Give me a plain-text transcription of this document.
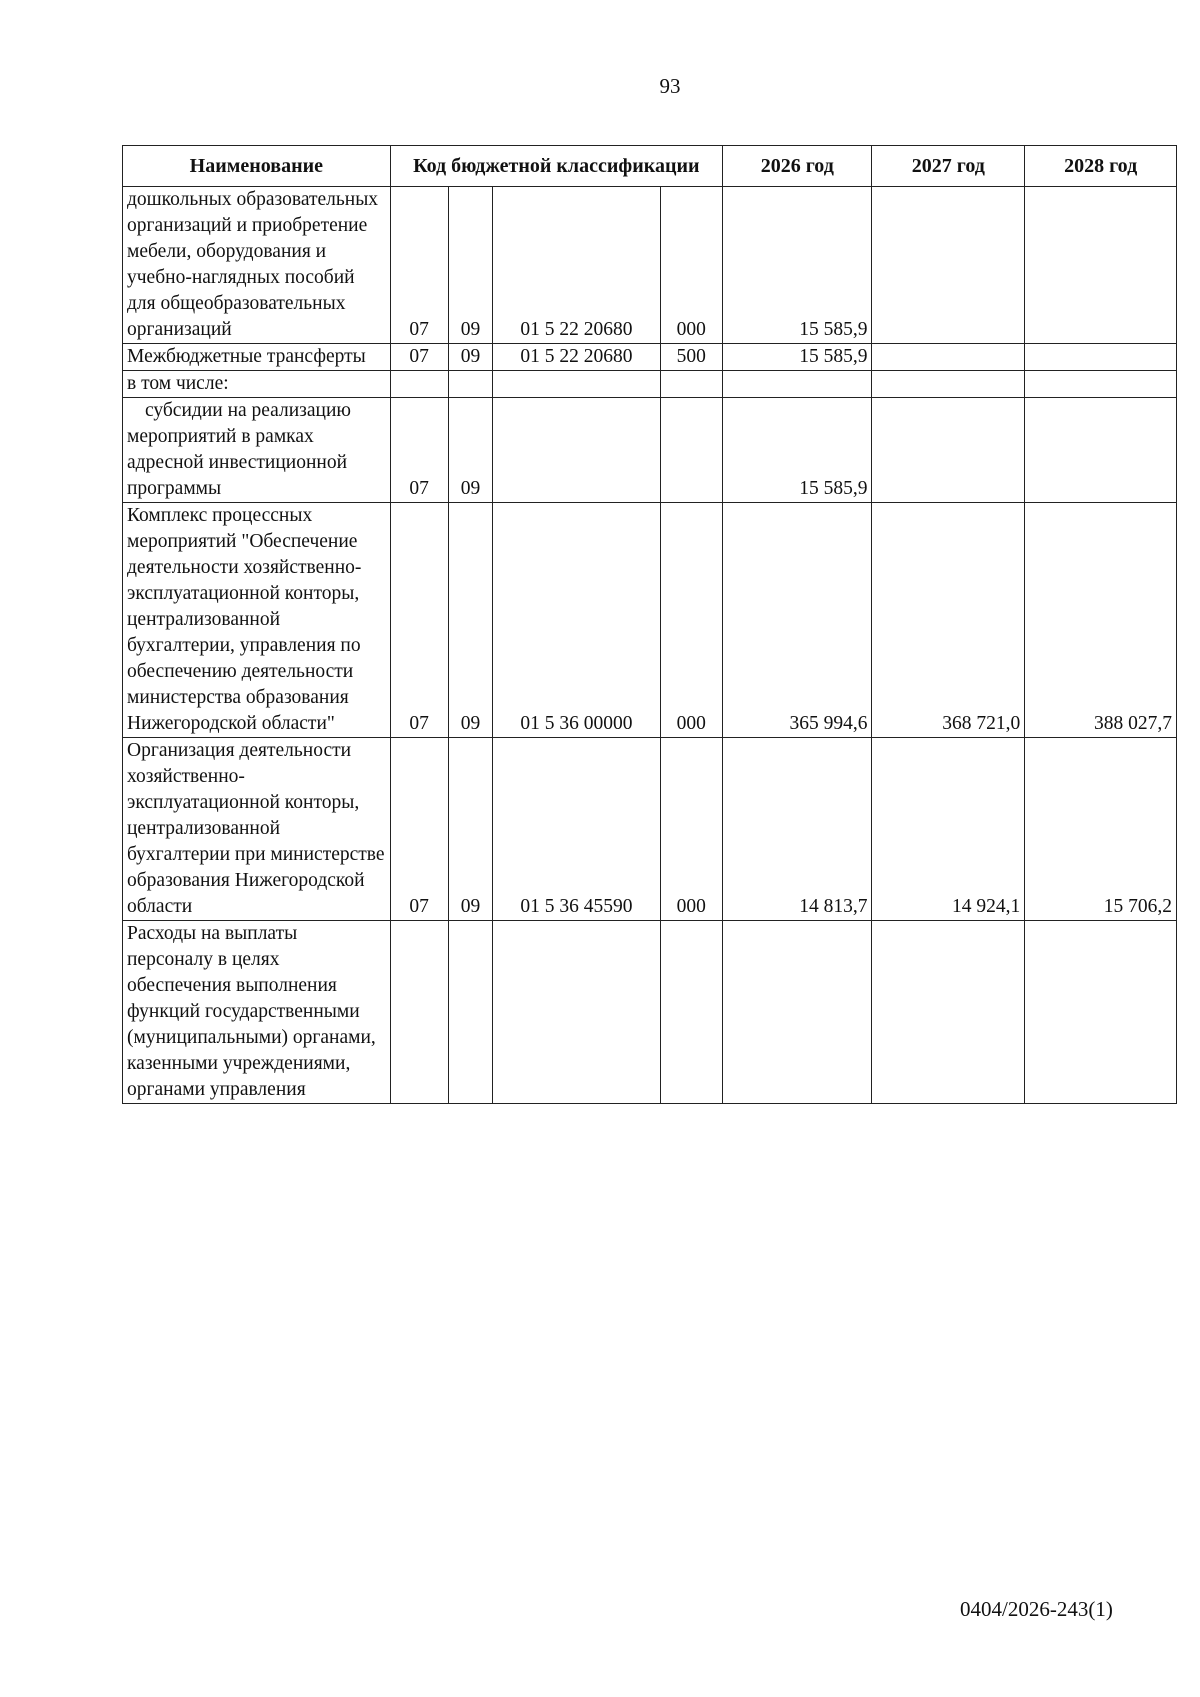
93
Наименование	Код бюджетной классификации				2026 год	2027 год	2028 год
дошкольных образовательных организаций и приобретение мебели, оборудования и учебно-наглядных пособий для общеобразовательных организаций	07	09	01 5 22 20680	000	15 585,9		
Межбюджетные трансферты	07	09	01 5 22 20680	500	15 585,9		
в том числе:							
субсидии на реализацию мероприятий в рамках адресной инвестиционной программы	07	09			15 585,9		
Комплекс процессных мероприятий "Обеспечение деятельности хозяйственно-эксплуатационной конторы, централизованной бухгалтерии, управления по обеспечению деятельности министерства образования Нижегородской области"	07	09	01 5 36 00000	000	365 994,6	368 721,0	388 027,7
Организация деятельности хозяйственно-эксплуатационной конторы, централизованной бухгалтерии при министерстве образования Нижегородской области	07	09	01 5 36 45590	000	14 813,7	14 924,1	15 706,2
Расходы на выплаты персоналу в целях обеспечения выполнения функций государственными (муниципальными) органами, казенными учреждениями, органами управления							
0404/2026-243(1)
